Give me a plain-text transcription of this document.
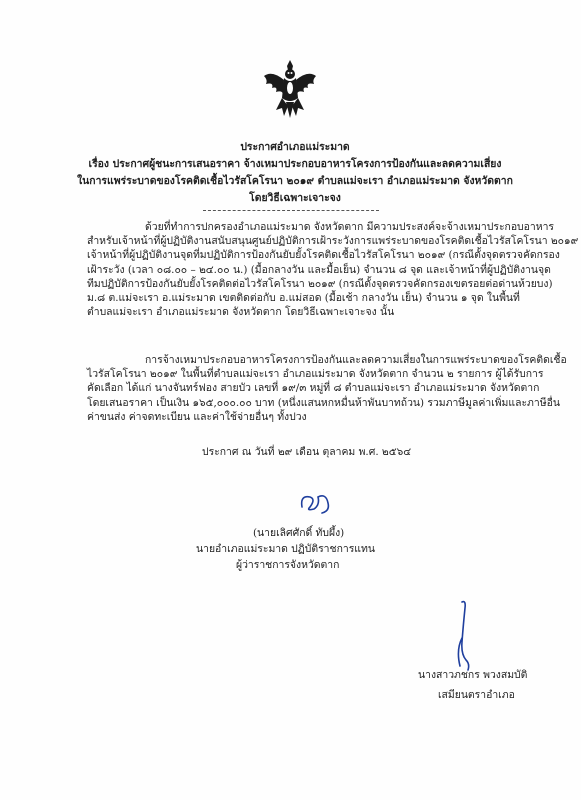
ประกาศอำเภอแม่ระมาด
เรื่อง ประกาศผู้ชนะการเสนอราคา จ้างเหมาประกอบอาหารโครงการป้องกันและลดความเสี่ยง
ในการแพร่ระบาดของโรคติดเชื้อไวรัสโคโรนา ๒๐๑๙ ตำบลแม่จะเรา อำเภอแม่ระมาด จังหวัดตาก
โดยวิธีเฉพาะเจาะจง
ด้วยที่ทำการปกครองอำเภอแม่ระมาด จังหวัดตาก มีความประสงค์จะจ้างเหมาประกอบอาหาร
สำหรับเจ้าหน้าที่ผู้ปฏิบัติงานสนับสนุนศูนย์ปฏิบัติการเฝ้าระวังการแพร่ระบาดของโรคติดเชื้อไวรัสโคโรนา ๒๐๑๙
เจ้าหน้าที่ผู้ปฏิบัติงานจุดที่มปฏิบัติการป้องกันยับยั้งโรคติดเชื้อไวรัสโคโรนา ๒๐๑๙ (กรณีตั้งจุดตรวจคัดกรอง
เฝ้าระวัง (เวลา ๐๘.๐๐ – ๒๔.๐๐ น.) (มื้อกลางวัน และมื้อเย็น) จำนวน ๘ จุด และเจ้าหน้าที่ผู้ปฏิบัติงานจุด
ทีมปฏิบัติการป้องกันยับยั้งโรคติดต่อไวรัสโคโรนา ๒๐๑๙ (กรณีตั้งจุดตรวจคัดกรองเขตรอยต่อด่านห้วยบง)
ม.๘ ต.แม่จะเรา อ.แม่ระมาด เขตติดต่อกับ อ.แม่สอด (มื้อเช้า กลางวัน เย็น) จำนวน ๑ จุด ในพื้นที่
ตำบลแม่จะเรา อำเภอแม่ระมาด จังหวัดตาก โดยวิธีเฉพาะเจาะจง นั้น
การจ้างเหมาประกอบอาหารโครงการป้องกันและลดความเสี่ยงในการแพร่ระบาดของโรคติดเชื้อ
ไวรัสโคโรนา ๒๐๑๙ ในพื้นที่ตำบลแม่จะเรา อำเภอแม่ระมาด จังหวัดตาก จำนวน ๒ รายการ ผู้ได้รับการ
คัดเลือก ได้แก่ นางจันทร์ฟอง สายบัว เลขที่ ๑๙/๓ หมู่ที่ ๘ ตำบลแม่จะเรา อำเภอแม่ระมาด จังหวัดตาก
โดยเสนอราคา เป็นเงิน ๑๖๕,๐๐๐.๐๐ บาท (หนึ่งแสนหกหมื่นห้าพันบาทถ้วน) รวมภาษีมูลค่าเพิ่มและภาษีอื่น
ค่าขนส่ง ค่าจดทะเบียน และค่าใช้จ่ายอื่นๆ ทั้งปวง
ประกาศ ณ วันที่ ๒๙ เดือน ตุลาคม พ.ศ. ๒๕๖๔
(นายเลิศศักดิ์ ทับผึ้ง)
นายอำเภอแม่ระมาด ปฏิบัติราชการแทน
ผู้ว่าราชการจังหวัดตาก
นางสาวภชกร พวงสมบัติ
เสมียนตราอำเภอ
